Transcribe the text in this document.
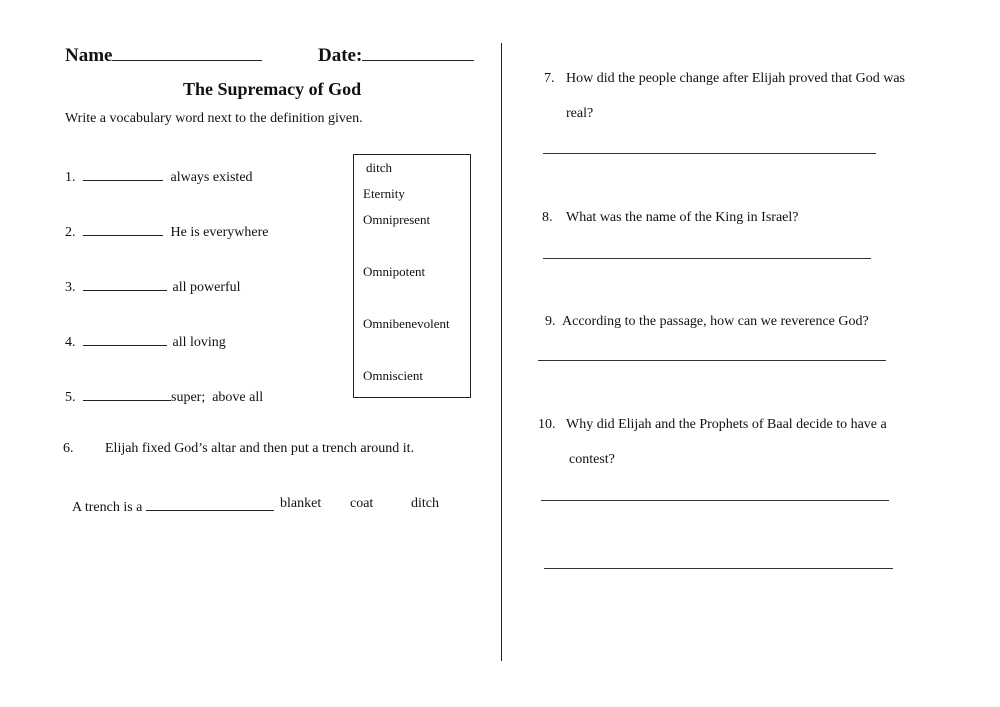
Name	Date:
The Supremacy of God
Write a vocabulary word next to the definition given.
1.	always existed
2.	He is everywhere
3.	all powerful
4.	all loving
5.	super;  above all
ditch
Eternity
Omnipresent
Omnipotent
Omnibenevolent
Omniscient
6. Elijah fixed God’s altar and then put a trench around it.
A trench is a	blanket coat	ditch
7. How did the people change after Elijah proved that God was
real?
8. What was the name of the King in Israel?
9. According to the passage, how can we reverence God?
10. Why did Elijah and the Prophets of Baal decide to have a
contest?
